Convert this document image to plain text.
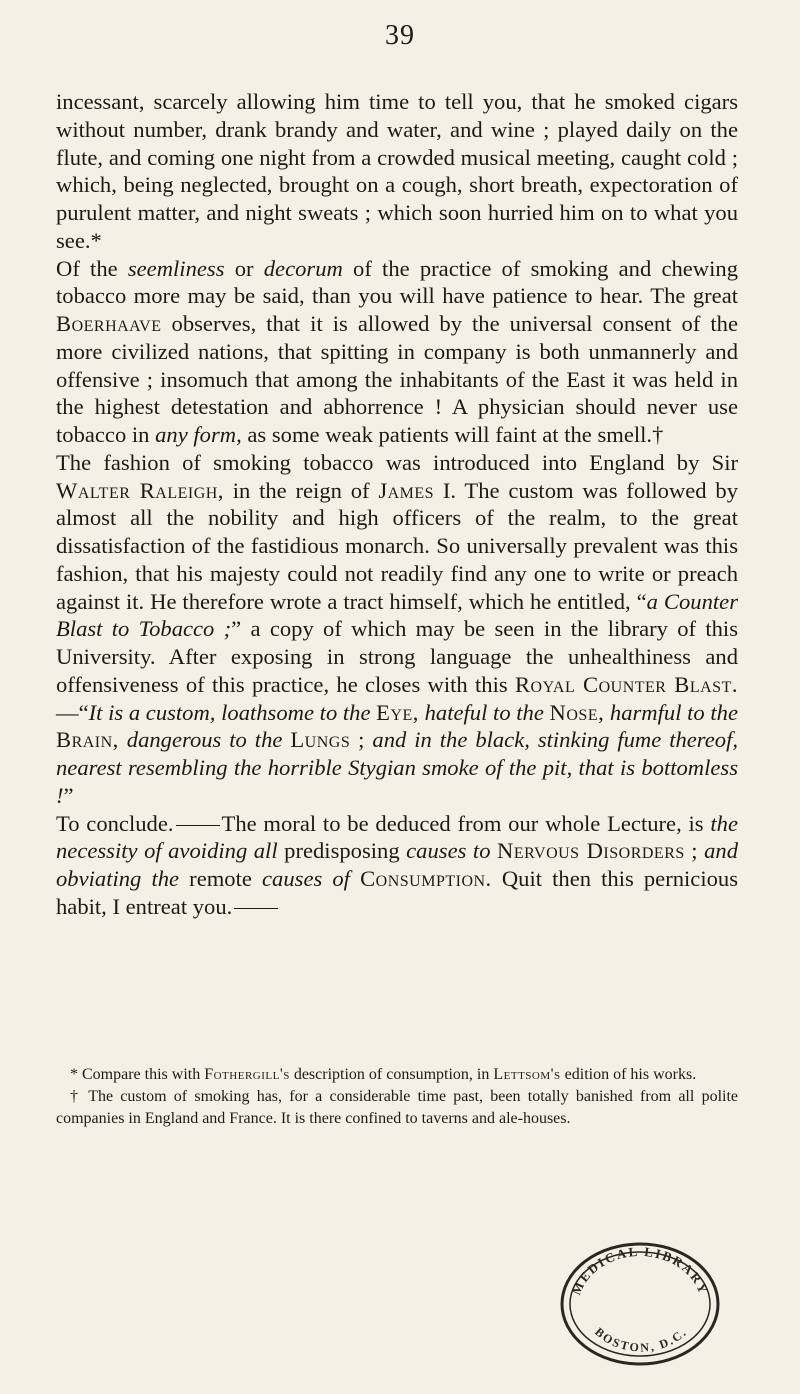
39

incessant, scarcely allowing him time to tell you, that he smoked cigars without number, drank brandy and water, and wine ; played daily on the flute, and coming one night from a crowded musical meeting, caught cold ; which, being neglected, brought on a cough, short breath, expectoration of purulent matter, and night sweats ; which soon hurried him on to what you see.*

Of the seemliness or decorum of the practice of smoking and chewing tobacco more may be said, than you will have patience to hear. The great Boerhaave observes, that it is allowed by the universal consent of the more civilized nations, that spitting in company is both unmannerly and offensive ; insomuch that among the inhabitants of the East it was held in the highest detestation and abhorrence ! A physician should never use tobacco in any form, as some weak patients will faint at the smell.†

The fashion of smoking tobacco was introduced into England by Sir Walter Raleigh, in the reign of James I. The custom was followed by almost all the nobility and high officers of the realm, to the great dissatisfaction of the fastidious monarch. So universally prevalent was this fashion, that his majesty could not readily find any one to write or preach against it. He therefore wrote a tract himself, which he entitled, “a Counter Blast to Tobacco ;” a copy of which may be seen in the library of this University. After exposing in strong language the unhealthiness and offensiveness of this practice, he closes with this Royal Counter Blast.—“It is a custom, loathsome to the Eye, hateful to the Nose, harmful to the Brain, dangerous to the Lungs ; and in the black, stinking fume thereof, nearest resembling the horrible Stygian smoke of the pit, that is bottomless !”

To conclude. The moral to be deduced from our whole Lecture, is the necessity of avoiding all predisposing causes to Nervous Disorders ; and obviating the remote causes of Consumption. Quit then this pernicious habit, I entreat you.

* Compare this with Fothergill's description of consumption, in Lettsom's edition of his works.

† The custom of smoking has, for a considerable time past, been totally banished from all polite companies in England and France. It is there confined to taverns and ale-houses.

MEDICAL LIBRARY
BOSTON, D.C.
